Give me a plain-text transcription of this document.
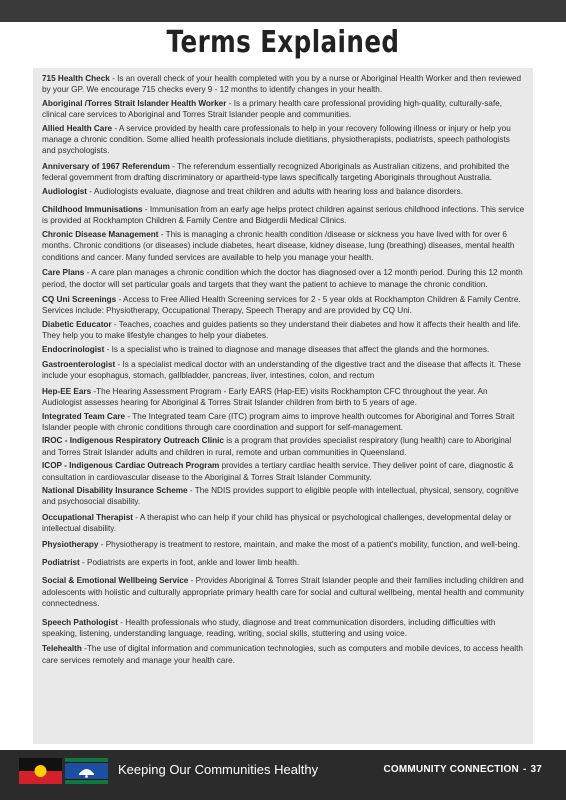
Terms Explained
715 Health Check - Is an overall check of your health completed with you by a nurse or Aboriginal Health Worker and then reviewed by your GP. We encourage 715 checks every 9 - 12 months to identify changes in your health.
Aboriginal /Torres Strait Islander Health Worker - Is a primary health care professional providing high-quality, culturally-safe, clinical care services to Aboriginal and Torres Strait Islander people and communities.
Allied Health Care - A service provided by health care professionals to help in your recovery following illness or injury or help you manage a chronic condition. Some allied health professionals include dietitians, physiotherapists, podiatrists, speech pathologists and psychologists.
Anniversary of 1967 Referendum - The referendum essentially recognized Aboriginals as Australian citizens, and prohibited the federal government from drafting discriminatory or apartheid-type laws specifically targeting Aboriginals throughout Australia.
Audiologist - Audiologists evaluate, diagnose and treat children and adults with hearing loss and balance disorders.
Childhood Immunisations - Immunisation from an early age helps protect children against serious childhood infections. This service is provided at Rockhampton Children & Family Centre and Bidgerdii Medical Clinics.
Chronic Disease Management - This is managing a chronic health condition /disease or sickness you have lived with for over 6 months. Chronic conditions (or diseases) include diabetes, heart disease, kidney disease, lung (breathing) diseases, mental health conditions and cancer. Many funded services are available to help you manage your health.
Care Plans - A care plan manages a chronic condition which the doctor has diagnosed over a 12 month period. During this 12 month period, the doctor will set particular goals and targets that they want the patient to achieve to manage the chronic condition.
CQ Uni Screenings - Access to Free Allied Health Screening services for 2 - 5 year olds at Rockhampton Children & Family Centre. Services include: Physiotherapy, Occupational Therapy, Speech Therapy and are provided by CQ Uni.
Diabetic Educator - Teaches, coaches and guides patients so they understand their diabetes and how it affects their health and life. They help you to make lifestyle changes to help your diabetes.
Endocrinologist - Is a specialist who is trained to diagnose and manage diseases that affect the glands and the hormones.
Gastroenterologist - Is a specialist medical doctor with an understanding of the digestive tract and the disease that affects it. These include your esophagus, stomach, gallbladder, pancreas, liver, intestines, colon, and rectum
Hep-EE Ears -The Hearing Assessment Program - Early EARS (Hap-EE) visits Rockhampton CFC throughout the year. An Audiologist assesses hearing for Aboriginal & Torres Strait Islander children from birth to 5 years of age.
Integrated Team Care - The Integrated team Care (ITC) program aims to improve health outcomes for Aboriginal and Torres Strait Islander people with chronic conditions through care coordination and support for self-management.
IROC - Indigenous Respiratory Outreach Clinic is a program that provides specialist respiratory (lung health) care to Aboriginal and Torres Strait Islander adults and children in rural, remote and urban communities in Queensland.
ICOP - Indigenous Cardiac Outreach Program provides a tertiary cardiac health service. They deliver point of care, diagnostic & consultation in cardiovascular disease to the Aboriginal & Torres Strait Islander Community.
National Disability Insurance Scheme - The NDIS provides support to eligible people with intellectual, physical, sensory, cognitive and psychosocial disability.
Occupational Therapist - A therapist who can help if your child has physical or psychological challenges, developmental delay or intellectual disability.
Physiotherapy - Physiotherapy is treatment to restore, maintain, and make the most of a patient's mobility, function, and well-being.
Podiatrist - Podiatrists are experts in foot, ankle and lower limb health.
Social & Emotional Wellbeing Service - Provides Aboriginal & Torres Strait Islander people and their families including children and adolescents with holistic and culturally appropriate primary health care for social and cultural wellbeing, mental health and community connectedness.
Speech Pathologist - Health professionals who study, diagnose and treat communication disorders, including difficulties with speaking, listening, understanding language, reading, writing, social skills, stuttering and using voice.
Telehealth -The use of digital information and communication technologies, such as computers and mobile devices, to access health care services remotely and manage your health care.
Keeping Our Communities Healthy	COMMUNITY CONNECTION - 37
